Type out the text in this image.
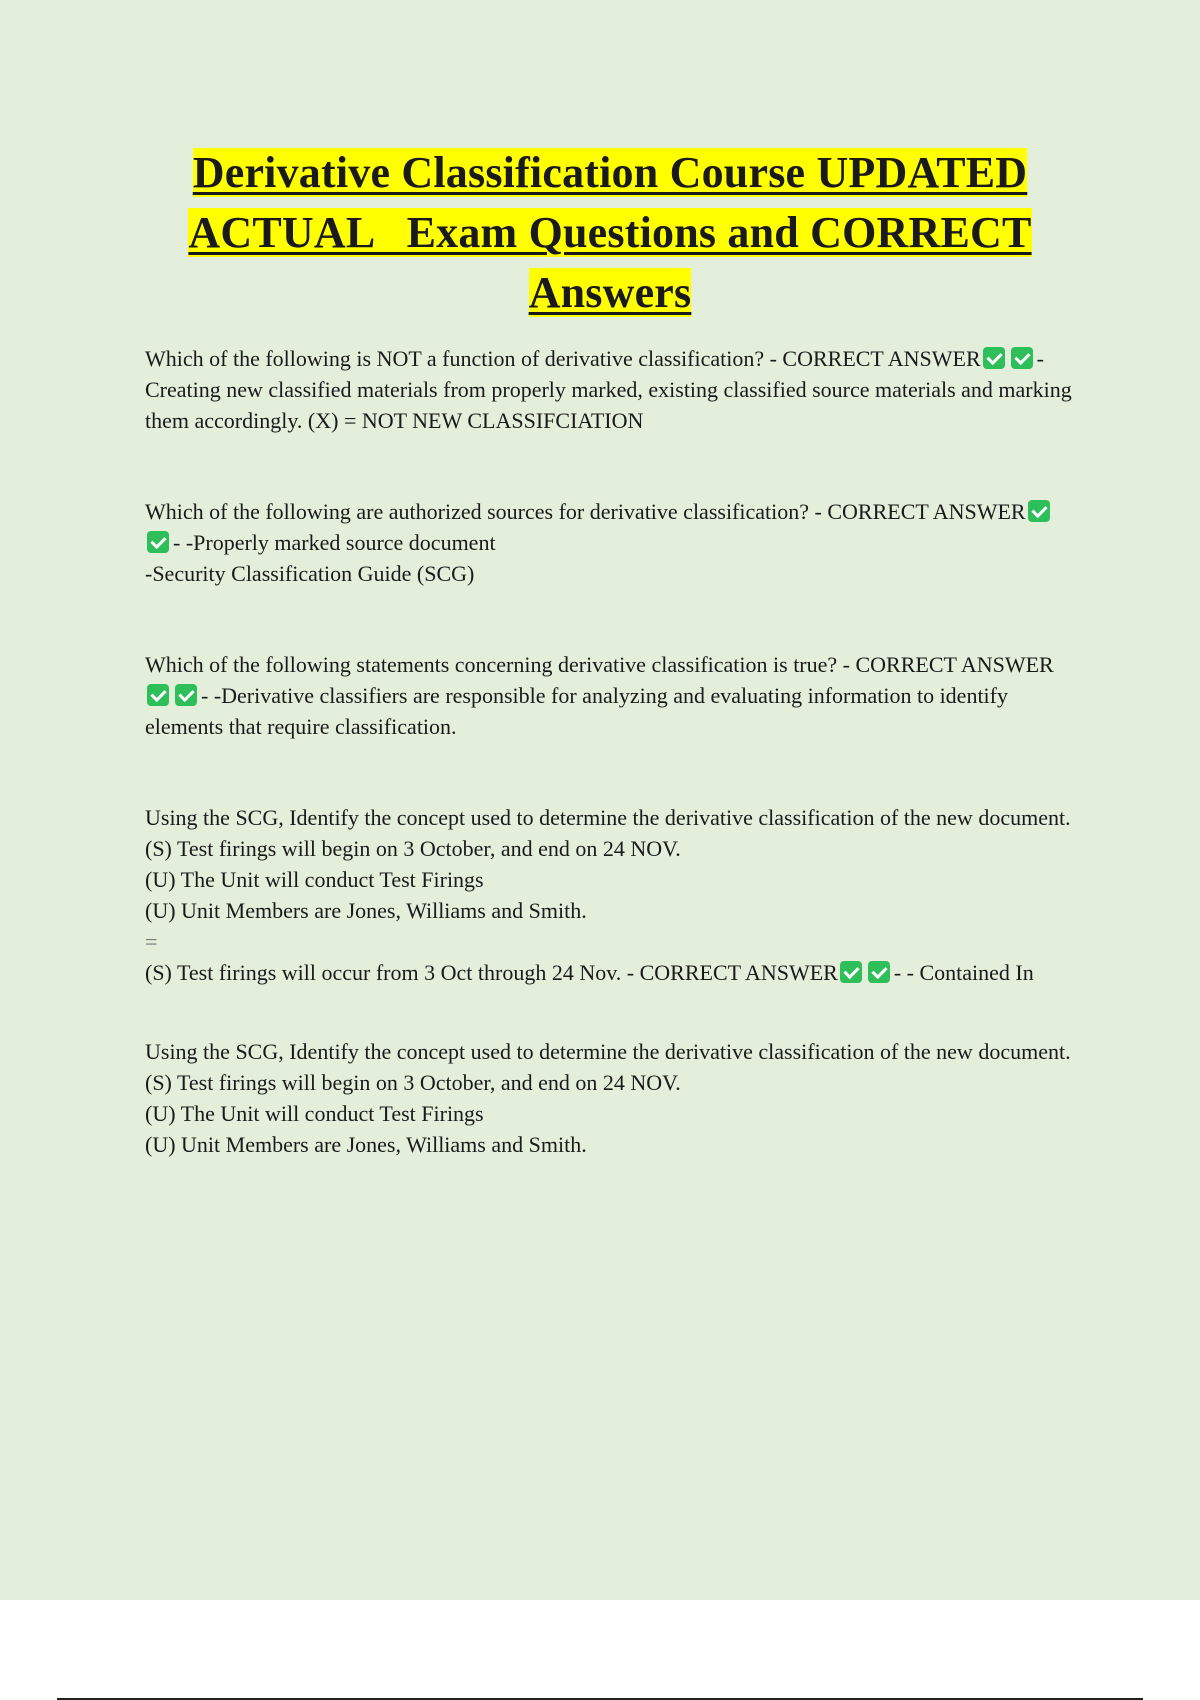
Derivative Classification Course UPDATED
ACTUAL   Exam Questions and CORRECT
Answers

Which of the following is NOT a function of derivative classification? - CORRECT ANSWER	- Creating new classified materials from properly marked, existing classified source materials and marking them accordingly. (X) = NOT NEW CLASSIFCIATION

Which of the following are authorized sources for derivative classification? - CORRECT ANSWER- -Properly marked source document

-Security Classification Guide (SCG)

Which of the following statements concerning derivative classification is true? - CORRECT ANSWER- -Derivative classifiers are responsible for analyzing and evaluating information to identify elements that require classification.

Using the SCG, Identify the concept used to determine the derivative classification of the new document.

(S) Test firings will begin on 3 October, and end on 24 NOV.

(U) The Unit will conduct Test Firings

(U) Unit Members are Jones, Williams and Smith.

=

(S) Test firings will occur from 3 Oct through 24 Nov. - CORRECT ANSWER	- - Contained In

Using the SCG, Identify the concept used to determine the derivative classification of the new document.

(S) Test firings will begin on 3 October, and end on 24 NOV.

(U) The Unit will conduct Test Firings

(U) Unit Members are Jones, Williams and Smith.
